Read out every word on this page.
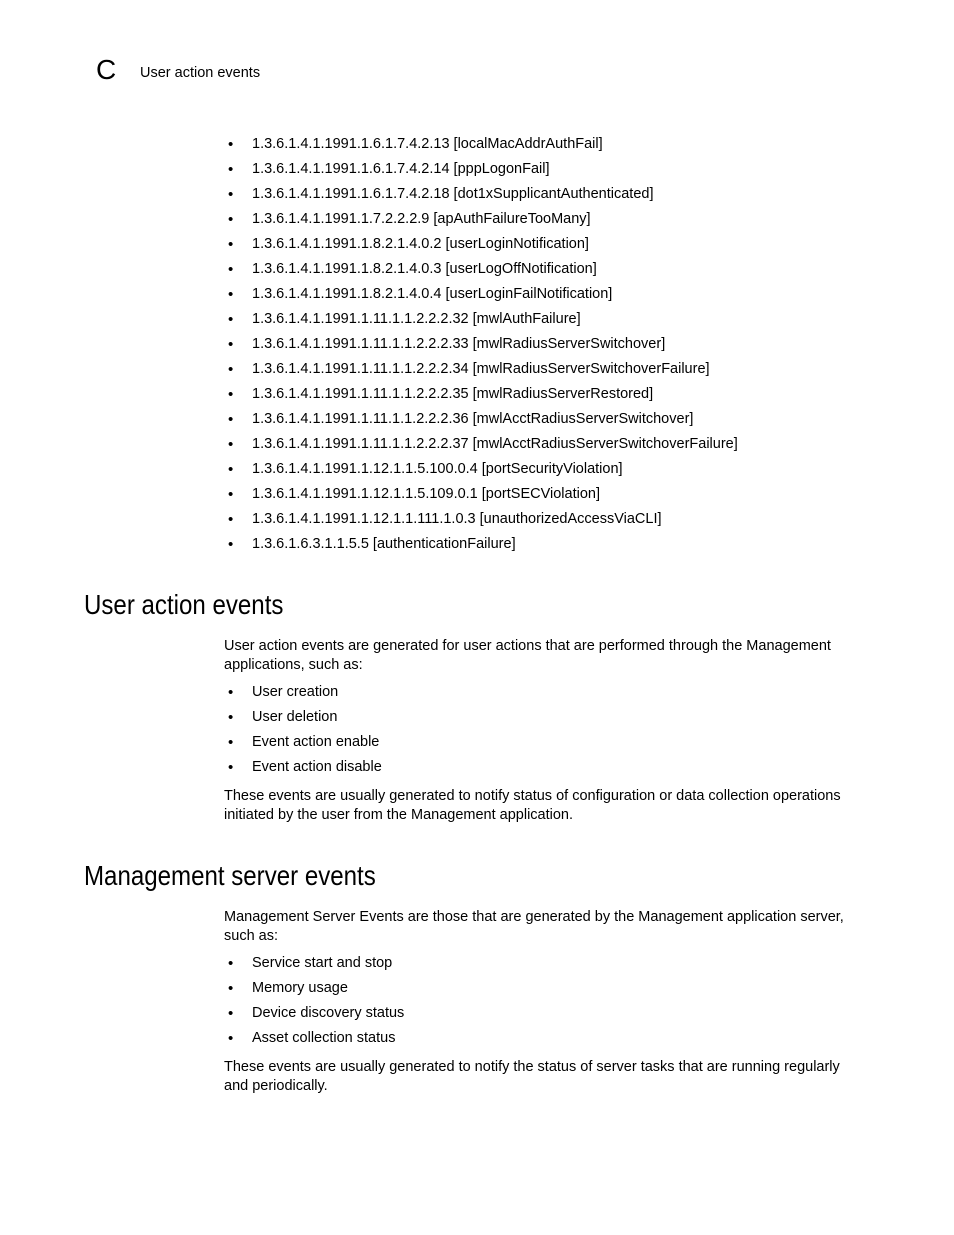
C User action events
• 1.3.6.1.4.1.1991.1.6.1.7.4.2.13 [localMacAddrAuthFail]
• 1.3.6.1.4.1.1991.1.6.1.7.4.2.14 [pppLogonFail]
• 1.3.6.1.4.1.1991.1.6.1.7.4.2.18 [dot1xSupplicantAuthenticated]
• 1.3.6.1.4.1.1991.1.7.2.2.2.9 [apAuthFailureTooMany]
• 1.3.6.1.4.1.1991.1.8.2.1.4.0.2 [userLoginNotification]
• 1.3.6.1.4.1.1991.1.8.2.1.4.0.3 [userLogOffNotification]
• 1.3.6.1.4.1.1991.1.8.2.1.4.0.4 [userLoginFailNotification]
• 1.3.6.1.4.1.1991.1.11.1.1.2.2.2.32 [mwlAuthFailure]
• 1.3.6.1.4.1.1991.1.11.1.1.2.2.2.33 [mwlRadiusServerSwitchover]
• 1.3.6.1.4.1.1991.1.11.1.1.2.2.2.34 [mwlRadiusServerSwitchoverFailure]
• 1.3.6.1.4.1.1991.1.11.1.1.2.2.2.35 [mwlRadiusServerRestored]
• 1.3.6.1.4.1.1991.1.11.1.1.2.2.2.36 [mwlAcctRadiusServerSwitchover]
• 1.3.6.1.4.1.1991.1.11.1.1.2.2.2.37 [mwlAcctRadiusServerSwitchoverFailure]
• 1.3.6.1.4.1.1991.1.12.1.1.5.100.0.4 [portSecurityViolation]
• 1.3.6.1.4.1.1991.1.12.1.1.5.109.0.1 [portSECViolation]
• 1.3.6.1.4.1.1991.1.12.1.1.111.1.0.3 [unauthorizedAccessViaCLI]
• 1.3.6.1.6.3.1.1.5.5 [authenticationFailure]
User action events

User action events are generated for user actions that are performed through the Management applications, such as:

• User creation
• User deletion
• Event action enable
• Event action disable

These events are usually generated to notify status of configuration or data collection operations initiated by the user from the Management application.

Management server events

Management Server Events are those that are generated by the Management application server, such as:

• Service start and stop
• Memory usage
• Device discovery status
• Asset collection status

These events are usually generated to notify the status of server tasks that are running regularly and periodically.
